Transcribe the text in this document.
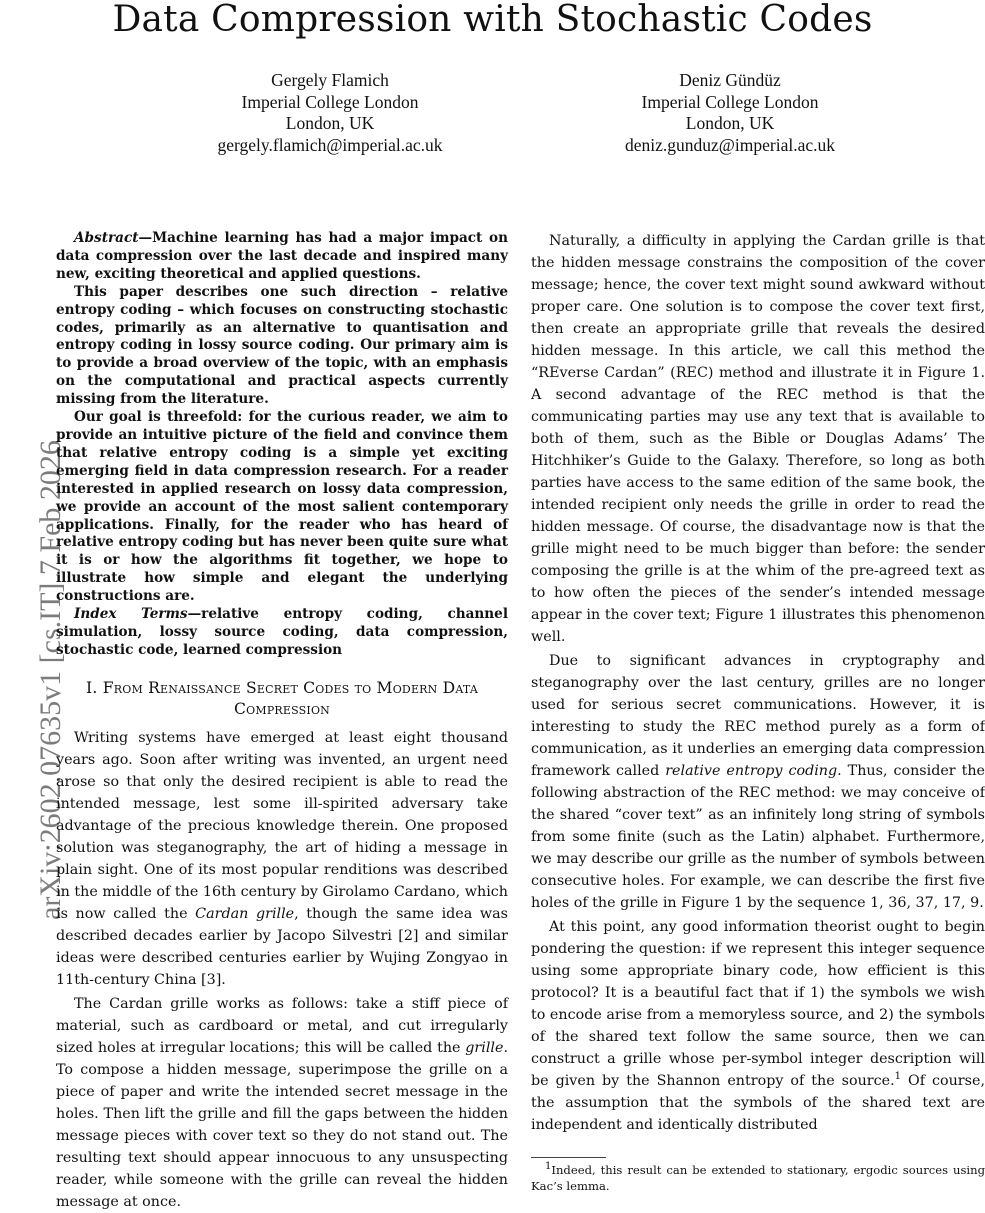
Data Compression with Stochastic Codes
Gergely Flamich
Imperial College London
London, UK
gergely.flamich@imperial.ac.uk
Deniz Gündüz
Imperial College London
London, UK
deniz.gunduz@imperial.ac.uk
arXiv:2602.07635v1 [cs.IT] 7 Feb 2026

Abstract—Machine learning has had a major impact on data compression over the last decade and inspired many new, exciting theoretical and applied questions.

This paper describes one such direction – relative entropy coding – which focuses on constructing stochastic codes, primarily as an alternative to quantisation and entropy coding in lossy source coding. Our primary aim is to provide a broad overview of the topic, with an emphasis on the computational and practical aspects currently missing from the literature.

Our goal is threefold: for the curious reader, we aim to provide an intuitive picture of the field and convince them that relative entropy coding is a simple yet exciting emerging field in data compression research. For a reader interested in applied research on lossy data compression, we provide an account of the most salient contemporary applications. Finally, for the reader who has heard of relative entropy coding but has never been quite sure what it is or how the algorithms fit together, we hope to illustrate how simple and elegant the underlying constructions are.

Index Terms—relative entropy coding, channel simulation, lossy source coding, data compression, stochastic code, learned compression

I. From Renaissance Secret Codes to Modern Data Compression

Writing systems have emerged at least eight thousand years ago. Soon after writing was invented, an urgent need arose so that only the desired recipient is able to read the intended message, lest some ill-spirited adversary take advantage of the precious knowledge therein. One proposed solution was steganography, the art of hiding a message in plain sight. One of its most popular renditions was described in the middle of the 16th century by Girolamo Cardano, which is now called the Cardan grille, though the same idea was described decades earlier by Jacopo Silvestri [2] and similar ideas were described centuries earlier by Wujing Zongyao in 11th-century China [3].

The Cardan grille works as follows: take a stiff piece of material, such as cardboard or metal, and cut irregularly sized holes at irregular locations; this will be called the grille. To compose a hidden message, superimpose the grille on a piece of paper and write the intended secret message in the holes. Then lift the grille and fill the gaps between the hidden message pieces with cover text so they do not stand out. The resulting text should appear innocuous to any unsuspecting reader, while someone with the grille can reveal the hidden message at once.

Naturally, a difficulty in applying the Cardan grille is that the hidden message constrains the composition of the cover message; hence, the cover text might sound awkward without proper care. One solution is to compose the cover text first, then create an appropriate grille that reveals the desired hidden message. In this article, we call this method the “REverse Cardan” (REC) method and illustrate it in Figure 1. A second advantage of the REC method is that the communicating parties may use any text that is available to both of them, such as the Bible or Douglas Adams’ The Hitchhiker’s Guide to the Galaxy. Therefore, so long as both parties have access to the same edition of the same book, the intended recipient only needs the grille in order to read the hidden message. Of course, the disadvantage now is that the grille might need to be much bigger than before: the sender composing the grille is at the whim of the pre-agreed text as to how often the pieces of the sender’s intended message appear in the cover text; Figure 1 illustrates this phenomenon well.

Due to significant advances in cryptography and steganography over the last century, grilles are no longer used for serious secret communications. However, it is interesting to study the REC method purely as a form of communication, as it underlies an emerging data compression framework called relative entropy coding. Thus, consider the following abstraction of the REC method: we may conceive of the shared “cover text” as an infinitely long string of symbols from some finite (such as the Latin) alphabet. Furthermore, we may describe our grille as the number of symbols between consecutive holes. For example, we can describe the first five holes of the grille in Figure 1 by the sequence 1, 36, 37, 17, 9.

At this point, any good information theorist ought to begin pondering the question: if we represent this integer sequence using some appropriate binary code, how efficient is this protocol? It is a beautiful fact that if 1) the symbols we wish to encode arise from a memoryless source, and 2) the symbols of the shared text follow the same source, then we can construct a grille whose per-symbol integer description will be given by the Shannon entropy of the source.$^1$ Of course, the assumption that the symbols of the shared text are independent and identically distributed

1Indeed, this result can be extended to stationary, ergodic sources using Kac’s lemma.
